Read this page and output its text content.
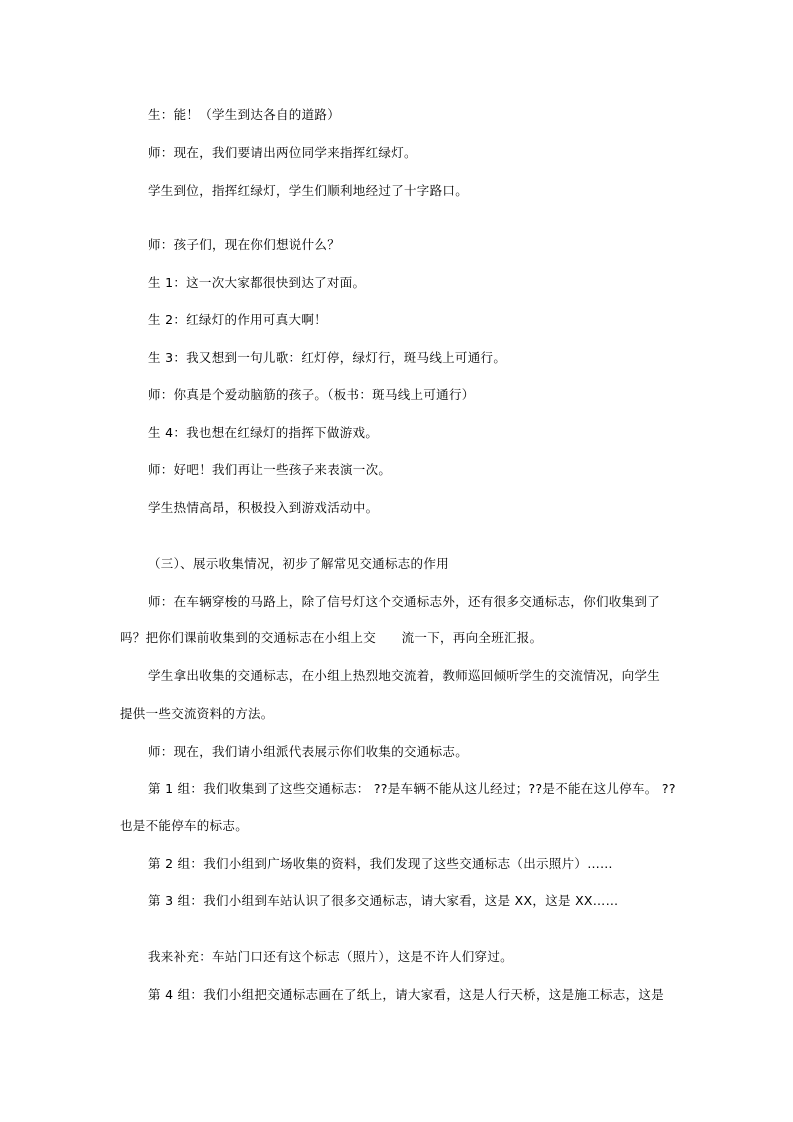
生：能！（学生到达各自的道路）
师：现在，我们要请出两位同学来指挥红绿灯。
学生到位，指挥红绿灯，学生们顺利地经过了十字路口。
师：孩子们，现在你们想说什么？
生 1：这一次大家都很快到达了对面。
生 2：红绿灯的作用可真大啊！
生 3：我又想到一句儿歌：红灯停，绿灯行，斑马线上可通行。
师：你真是个爱动脑筋的孩子。（板书：斑马线上可通行）
生 4：我也想在红绿灯的指挥下做游戏。
师：好吧！我们再让一些孩子来表演一次。
学生热情高昂，积极投入到游戏活动中。
（三）、展示收集情况，初步了解常见交通标志的作用
师：在车辆穿梭的马路上，除了信号灯这个交通标志外，还有很多交通标志，你们收集到了
吗？把你们课前收集到的交通标志在小组上交　　流一下，再向全班汇报。
学生拿出收集的交通标志，在小组上热烈地交流着，教师巡回倾听学生的交流情况，向学生
提供一些交流资料的方法。
师：现在，我们请小组派代表展示你们收集的交通标志。
第 1 组：我们收集到了这些交通标志： ??是车辆不能从这儿经过；??是不能在这儿停车。 ??
也是不能停车的标志。
第 2 组：我们小组到广场收集的资料，我们发现了这些交通标志（出示照片）……
第 3 组：我们小组到车站认识了很多交通标志，请大家看，这是 XX，这是 XX……
我来补充：车站门口还有这个标志（照片），这是不许人们穿过。
第 4 组：我们小组把交通标志画在了纸上，请大家看，这是人行天桥，这是施工标志，这是
